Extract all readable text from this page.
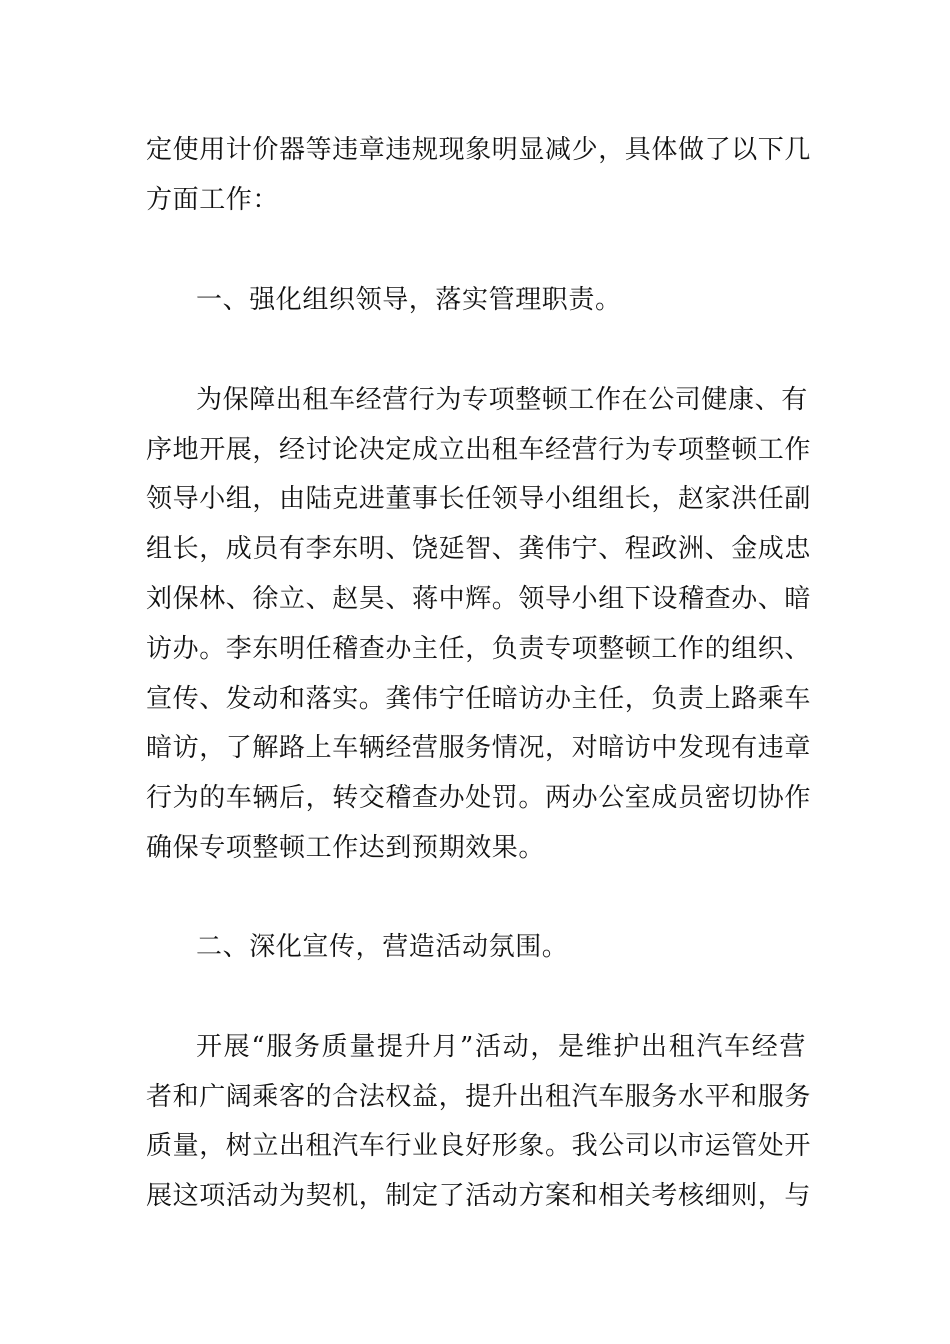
定使用计价器等违章违规现象明显减少，具体做了以下几
方面工作：
一、强化组织领导，落实管理职责。
为保障出租车经营行为专项整顿工作在公司健康、有
序地开展，经讨论决定成立出租车经营行为专项整顿工作
领导小组，由陆克进董事长任领导小组组长，赵家洪任副
组长，成员有李东明、饶延智、龚伟宁、程政洲、金成忠
刘保林、徐立、赵昊、蒋中辉。领导小组下设稽查办、暗
访办。李东明任稽查办主任，负责专项整顿工作的组织、
宣传、发动和落实。龚伟宁任暗访办主任，负责上路乘车
暗访，了解路上车辆经营服务情况，对暗访中发现有违章
行为的车辆后，转交稽查办处罚。两办公室成员密切协作
确保专项整顿工作达到预期效果。
二、深化宣传，营造活动氛围。
开展“服务质量提升月”活动，是维护出租汽车经营
者和广阔乘客的合法权益，提升出租汽车服务水平和服务
质量，树立出租汽车行业良好形象。我公司以市运管处开
展这项活动为契机，制定了活动方案和相关考核细则，与
